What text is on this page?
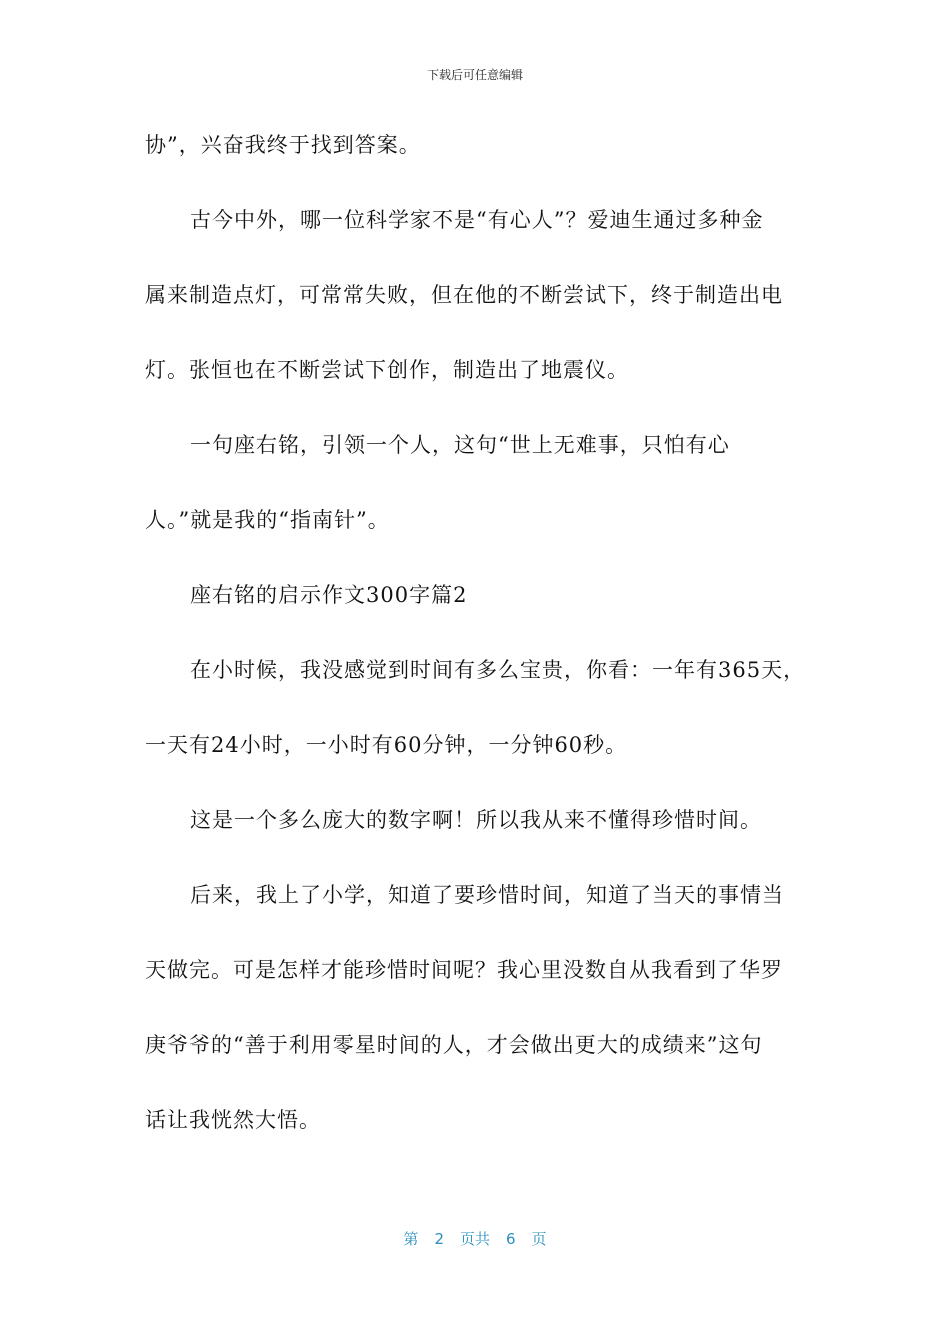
下载后可任意编辑
协”，兴奋我终于找到答案。
古今中外，哪一位科学家不是“有心人”？爱迪生通过多种金
属来制造点灯，可常常失败，但在他的不断尝试下，终于制造出电
灯。张恒也在不断尝试下创作，制造出了地震仪。
一句座右铭，引领一个人，这句“世上无难事，只怕有心
人。”就是我的“指南针”。
座右铭的启示作文300字篇2
在小时候，我没感觉到时间有多么宝贵，你看：一年有365天，
一天有24小时，一小时有60分钟，一分钟60秒。
这是一个多么庞大的数字啊！所以我从来不懂得珍惜时间。
后来，我上了小学，知道了要珍惜时间，知道了当天的事情当
天做完。可是怎样才能珍惜时间呢？我心里没数自从我看到了华罗
庚爷爷的“善于利用零星时间的人，才会做出更大的成绩来”这句
话让我恍然大悟。
第 2 页共 6 页
